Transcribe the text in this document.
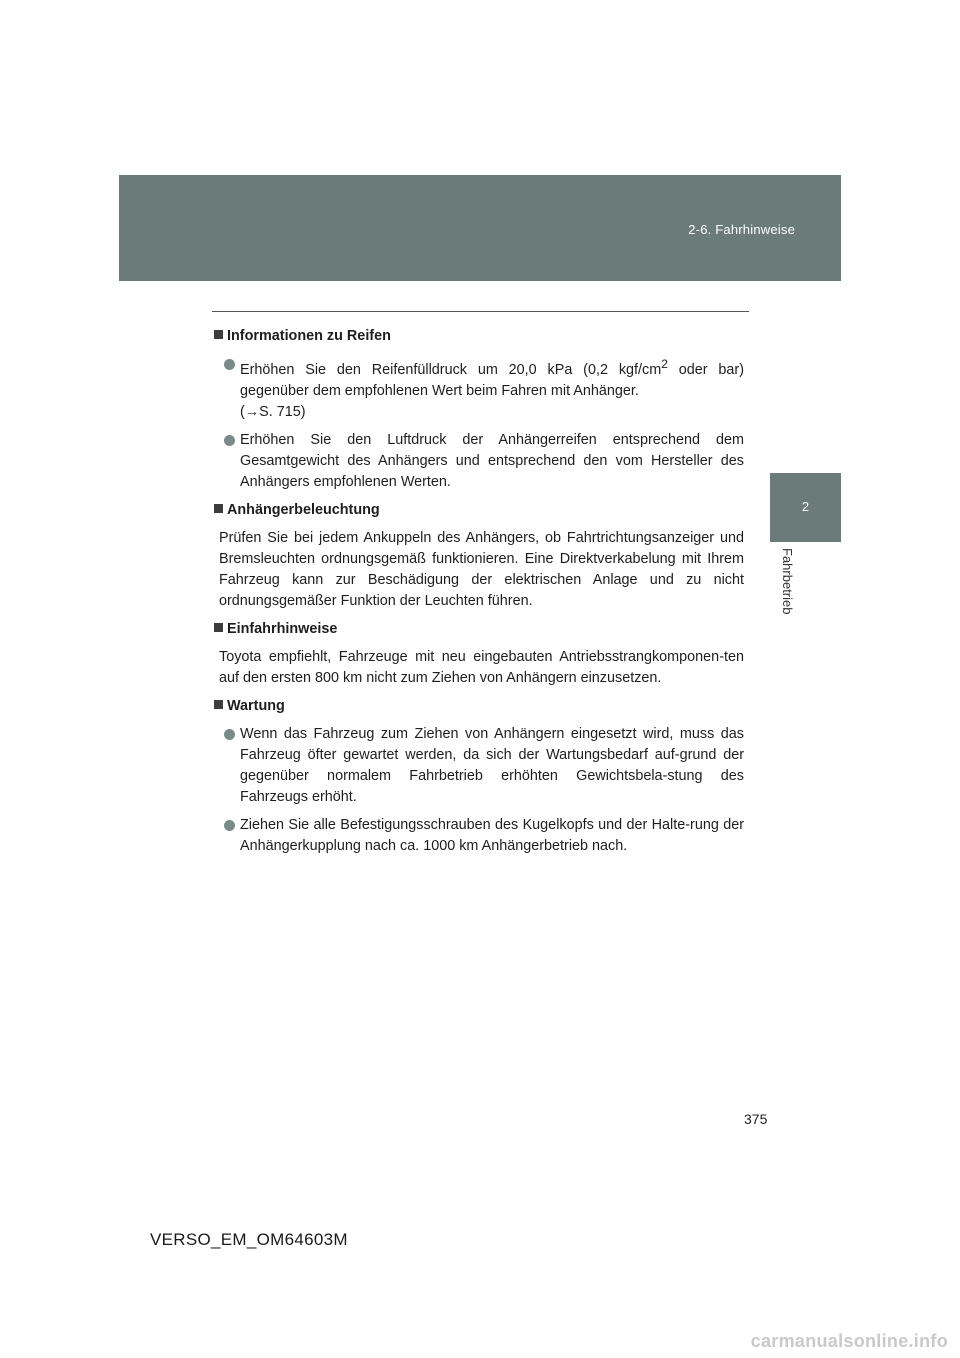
2-6. Fahrhinweise
2
Fahrbetrieb
Informationen zu Reifen
Erhöhen Sie den Reifenfülldruck um 20,0 kPa (0,2 kgf/$cm^2$ oder bar) gegenüber dem empfohlenen Wert beim Fahren mit Anhänger.
(→S. 715)
Erhöhen Sie den Luftdruck der Anhängerreifen entsprechend dem Gesamtgewicht des Anhängers und entsprechend den vom Hersteller des Anhängers empfohlenen Werten.
Anhängerbeleuchtung
Prüfen Sie bei jedem Ankuppeln des Anhängers, ob Fahrtrichtungsanzeiger und Bremsleuchten ordnungsgemäß funktionieren. Eine Direktverkabelung mit Ihrem Fahrzeug kann zur Beschädigung der elektrischen Anlage und zu nicht ordnungsgemäßer Funktion der Leuchten führen.
Einfahrhinweise
Toyota empfiehlt, Fahrzeuge mit neu eingebauten Antriebsstrangkomponen-ten auf den ersten 800 km nicht zum Ziehen von Anhängern einzusetzen.
Wartung
Wenn das Fahrzeug zum Ziehen von Anhängern eingesetzt wird, muss das Fahrzeug öfter gewartet werden, da sich der Wartungsbedarf auf-grund der gegenüber normalem Fahrbetrieb erhöhten Gewichtsbela-stung des Fahrzeugs erhöht.
Ziehen Sie alle Befestigungsschrauben des Kugelkopfs und der Halte-rung der Anhängerkupplung nach ca. 1000 km Anhängerbetrieb nach.
375
VERSO_EM_OM64603M
carmanualsonline.info
